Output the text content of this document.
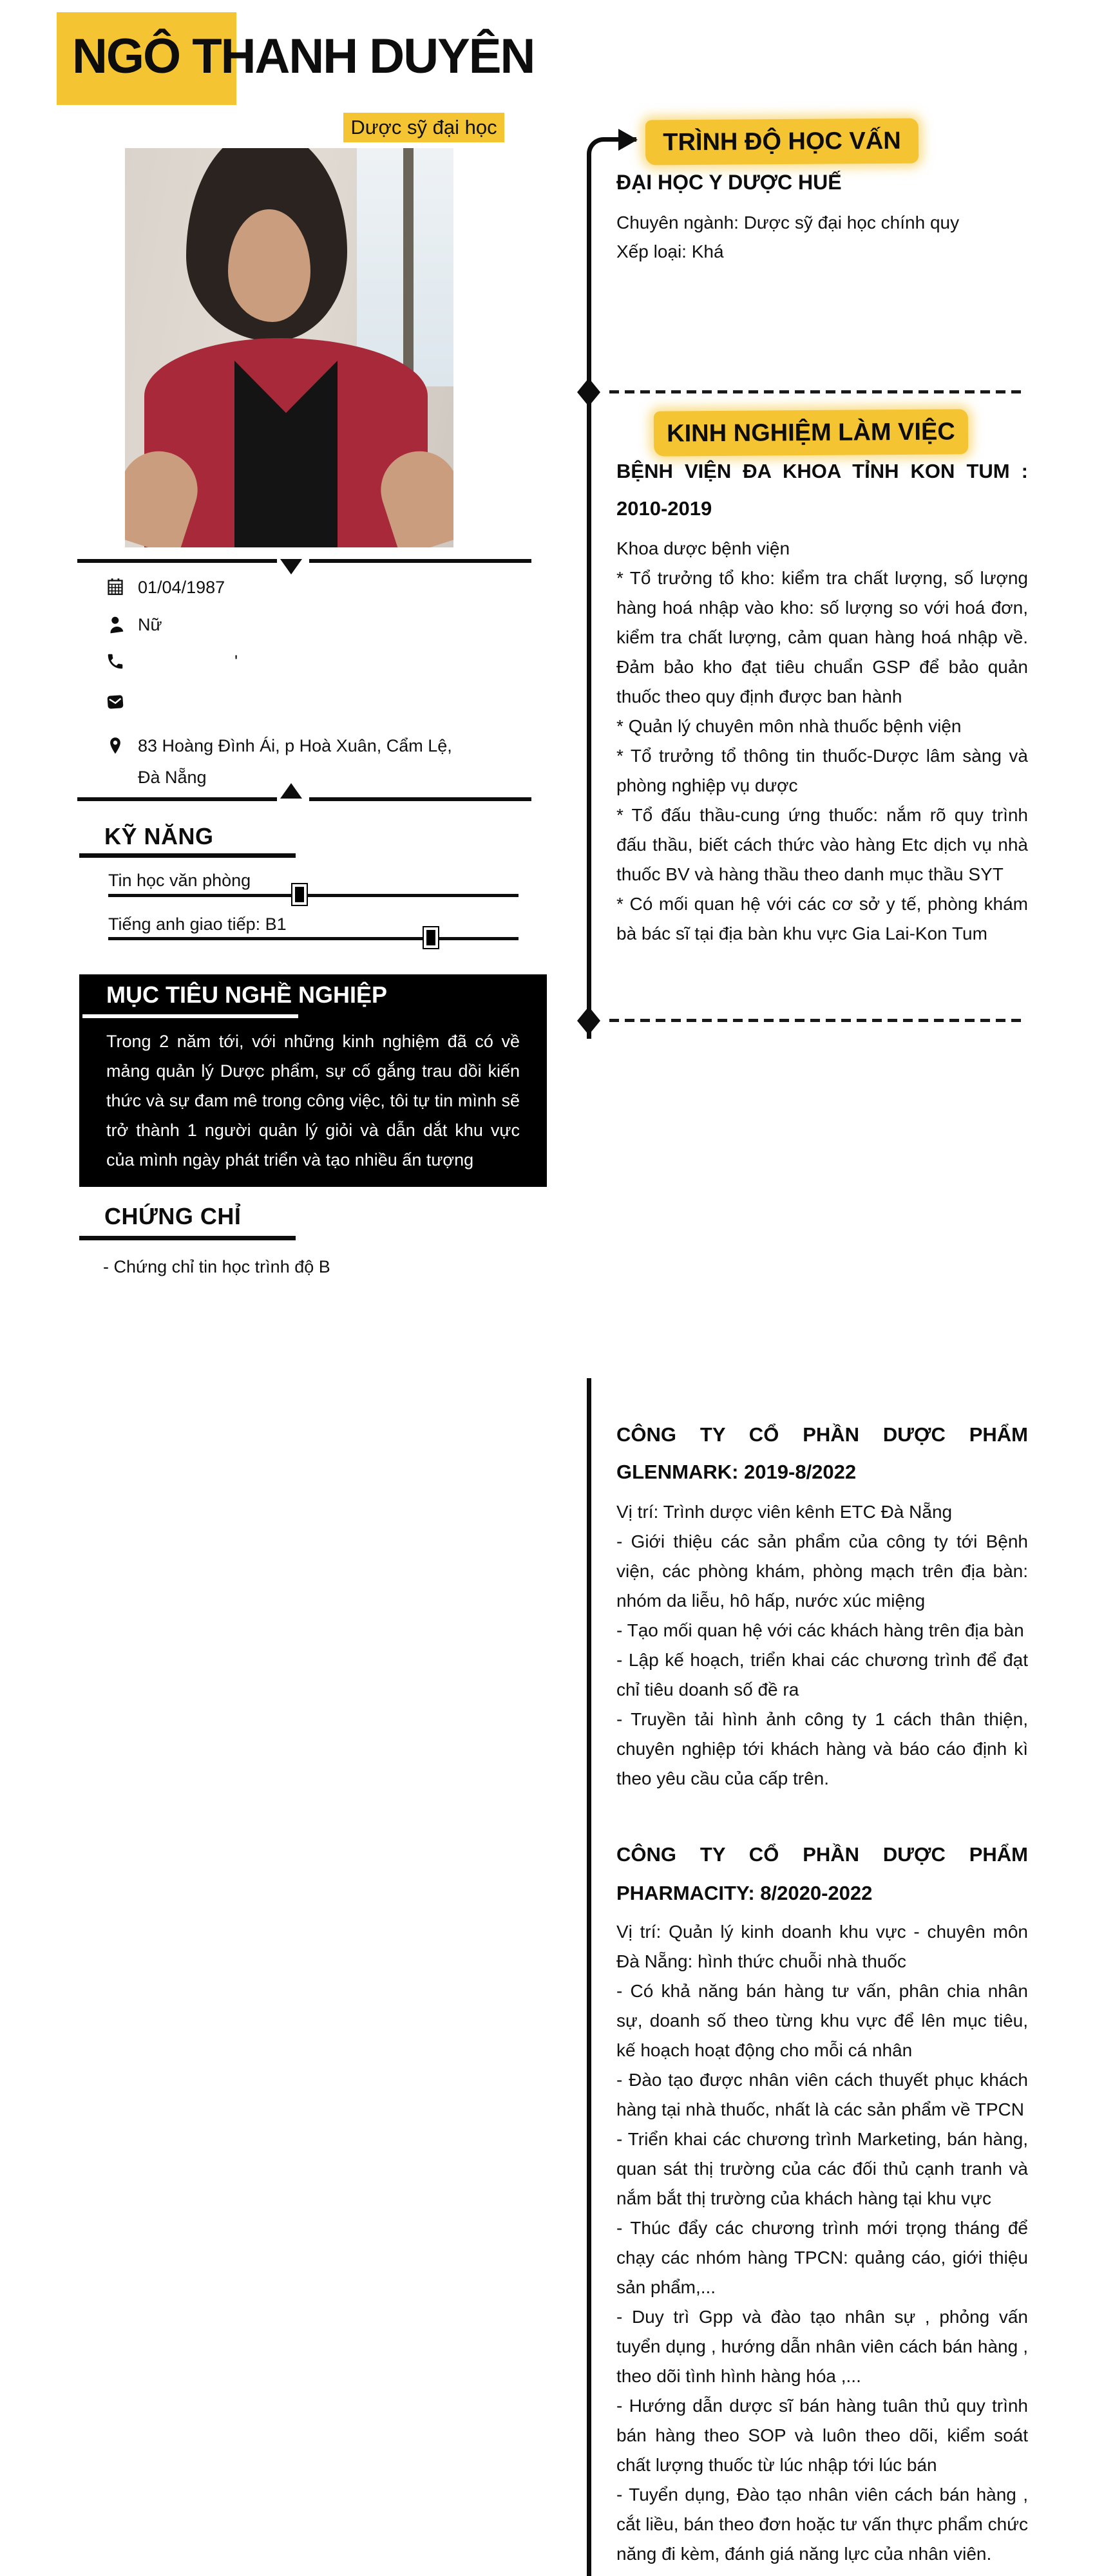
NGÔ THANH DUYÊN
Dược sỹ đại học
01/04/1987
Nữ
'
83 Hoàng Đình Ái, p Hoà Xuân, Cẩm Lệ,
Đà Nẵng
KỸ NĂNG
Tin học văn phòng
Tiếng anh giao tiếp: B1
MỤC TIÊU NGHỀ NGHIỆP
Trong 2 năm tới, với những kinh nghiệm đã có về mảng quản lý Dược phẩm, sự cố gắng trau dồi kiến thức và sự đam mê trong công việc, tôi tự tin mình sẽ trở thành 1 người quản lý giỏi và dẫn dắt khu vực của mình ngày phát triển và tạo nhiều ấn tượng
CHỨNG CHỈ
- Chứng chỉ tin học trình độ B
TRÌNH ĐỘ HỌC VẤN
ĐẠI HỌC Y DƯỢC HUẾ
Chuyên ngành: Dược sỹ đại học chính quy
Xếp loại: Khá
KINH NGHIỆM LÀM VIỆC
BỆNH VIỆN ĐA KHOA TỈNH KON TUM : 2010-2019

Khoa dược bệnh viện

* Tổ trưởng tổ kho: kiểm tra chất lượng, số lượng hàng hoá nhập vào kho: số lượng so với hoá đơn, kiểm tra chất lượng, cảm quan hàng hoá nhập về. Đảm bảo kho đạt tiêu chuẩn GSP để bảo quản thuốc theo quy định được ban hành

* Quản lý chuyên môn nhà thuốc bệnh viện

* Tổ trưởng tổ thông tin thuốc-Dược lâm sàng và phòng nghiệp vụ dược

* Tổ đấu thầu-cung ứng thuốc: nắm rõ quy trình đấu thầu, biết cách thức vào hàng Etc dịch vụ nhà thuốc BV và hàng thầu theo danh mục thầu SYT

* Có mối quan hệ với các cơ sở y tế, phòng khám bà bác sĩ tại địa bàn khu vực Gia Lai-Kon Tum

CÔNG TY CỔ PHẦN DƯỢC PHẨM GLENMARK: 2019-8/2022

Vị trí: Trình dược viên kênh ETC Đà Nẵng

- Giới thiệu các sản phẩm của công ty tới Bệnh viện, các phòng khám, phòng mạch trên địa bàn: nhóm da liễu, hô hấp, nước xúc miệng

- Tạo mối quan hệ với các khách hàng trên địa bàn

- Lập kế hoạch, triển khai các chương trình để đạt chỉ tiêu doanh số đề ra

- Truyền tải hình ảnh công ty 1 cách thân thiện, chuyên nghiệp tới khách hàng và báo cáo định kì theo yêu cầu của cấp trên.

CÔNG TY CỔ PHẦN DƯỢC PHẨM PHARMACITY: 8/2020-2022

Vị trí: Quản lý kinh doanh khu vực - chuyên môn Đà Nẵng: hình thức chuỗi nhà thuốc

- Có khả năng bán hàng tư vấn, phân chia nhân sự, doanh số theo từng khu vực để lên mục tiêu, kế hoạch hoạt động cho mỗi cá nhân

- Đào tạo được nhân viên cách thuyết phục khách hàng tại nhà thuốc, nhất là các sản phẩm về TPCN

- Triển khai các chương trình Marketing, bán hàng, quan sát thị trường của các đối thủ cạnh tranh và nắm bắt thị trường của khách hàng tại khu vực

- Thúc đẩy các chương trình mới trọng tháng để chạy các nhóm hàng TPCN: quảng cáo, giới thiệu sản phẩm,...

- Duy trì Gpp và đào tạo nhân sự , phỏng vấn tuyển dụng , hướng dẫn nhân viên cách bán hàng , theo dõi tình hình hàng hóa ,...

- Hướng dẫn dược sĩ bán hàng tuân thủ quy trình bán hàng theo SOP và luôn theo dõi, kiểm soát chất lượng thuốc từ lúc nhập tới lúc bán

- Tuyển dụng, Đào tạo nhân viên cách bán hàng , cắt liều, bán theo đơn hoặc tư vấn thực phẩm chức năng đi kèm, đánh giá năng lực của nhân viên.
